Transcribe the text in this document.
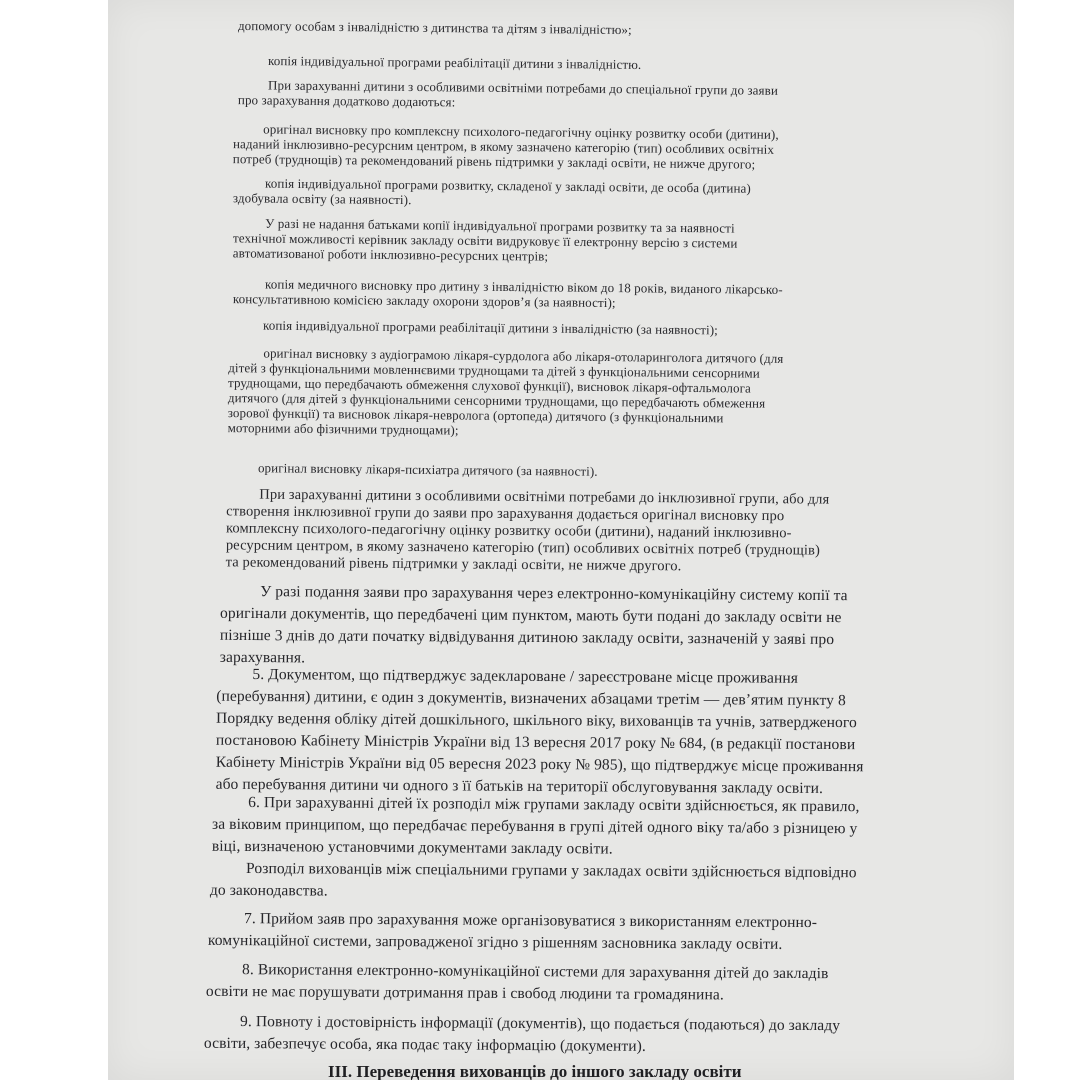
допомогу особам з інвалідністю з дитинства та дітям з інвалідністю»;

копія індивідуальної програми реабілітації дитини з інвалідністю.

При зарахуванні дитини з особливими освітніми потребами до спеціальної групи до заяви
про зарахування додатково додаються:

оригінал висновку про комплексну психолого-педагогічну оцінку розвитку особи (дитини),
наданий інклюзивно-ресурсним центром, в якому зазначено категорію (тип) особливих освітніх
потреб (труднощів) та рекомендований рівень підтримки у закладі освіти, не нижче другого;

копія індивідуальної програми розвитку, складеної у закладі освіти, де особа (дитина)
здобувала освіту (за наявності).

У разі не надання батьками копії індивідуальної програми розвитку та за наявності
технічної можливості керівник закладу освіти видруковує її електронну версію з системи
автоматизованої роботи інклюзивно-ресурсних центрів;

копія медичного висновку про дитину з інвалідністю віком до 18 років, виданого лікарсько-
консультативною комісією закладу охорони здоров’я (за наявності);

копія індивідуальної програми реабілітації дитини з інвалідністю (за наявності);

оригінал висновку з аудіограмою лікаря-сурдолога або лікаря-отоларинголога дитячого (для
дітей з функціональними мовленнєвими труднощами та дітей з функціональними сенсорними
труднощами, що передбачають обмеження слухової функції), висновок лікаря-офтальмолога
дитячого (для дітей з функціональними сенсорними труднощами, що передбачають обмеження
зорової функції) та висновок лікаря-невролога (ортопеда) дитячого (з функціональними
моторними або фізичними труднощами);

оригінал висновку лікаря-психіатра дитячого (за наявності).

При зарахуванні дитини з особливими освітніми потребами до інклюзивної групи, або для
створення інклюзивної групи до заяви про зарахування додається оригінал висновку про
комплексну психолого-педагогічну оцінку розвитку особи (дитини), наданий інклюзивно-
ресурсним центром, в якому зазначено категорію (тип) особливих освітніх потреб (труднощів)
та рекомендований рівень підтримки у закладі освіти, не нижче другого.

У разі подання заяви про зарахування через електронно-комунікаційну систему копії та
оригінали документів, що передбачені цим пунктом, мають бути подані до закладу освіти не
пізніше 3 днів до дати початку відвідування дитиною закладу освіти, зазначеній у заяві про
зарахування.

5. Документом, що підтверджує задеклароване / зареєстроване місце проживання
(перебування) дитини, є один з документів, визначених абзацами третім — дев’ятим пункту 8
Порядку ведення обліку дітей дошкільного, шкільного віку, вихованців та учнів, затвердженого
постановою Кабінету Міністрів України від 13 вересня 2017 року № 684, (в редакції постанови
Кабінету Міністрів України від 05 вересня 2023 року № 985), що підтверджує місце проживання
або перебування дитини чи одного з її батьків на території обслуговування закладу освіти.

6. При зарахуванні дітей їх розподіл між групами закладу освіти здійснюється, як правило,
за віковим принципом, що передбачає перебування в групі дітей одного віку та/або з різницею у
віці, визначеною установчими документами закладу освіти.

Розподіл вихованців між спеціальними групами у закладах освіти здійснюється відповідно
до законодавства.

7. Прийом заяв про зарахування може організовуватися з використанням електронно-
комунікаційної системи, запровадженої згідно з рішенням засновника закладу освіти.

8. Використання електронно-комунікаційної системи для зарахування дітей до закладів
освіти не має порушувати дотримання прав і свобод людини та громадянина.

9. Повноту і достовірність інформації (документів), що подається (подаються) до закладу
освіти, забезпечує особа, яка подає таку інформацію (документи).

ІІІ. Переведення вихованців до іншого закладу освіти
